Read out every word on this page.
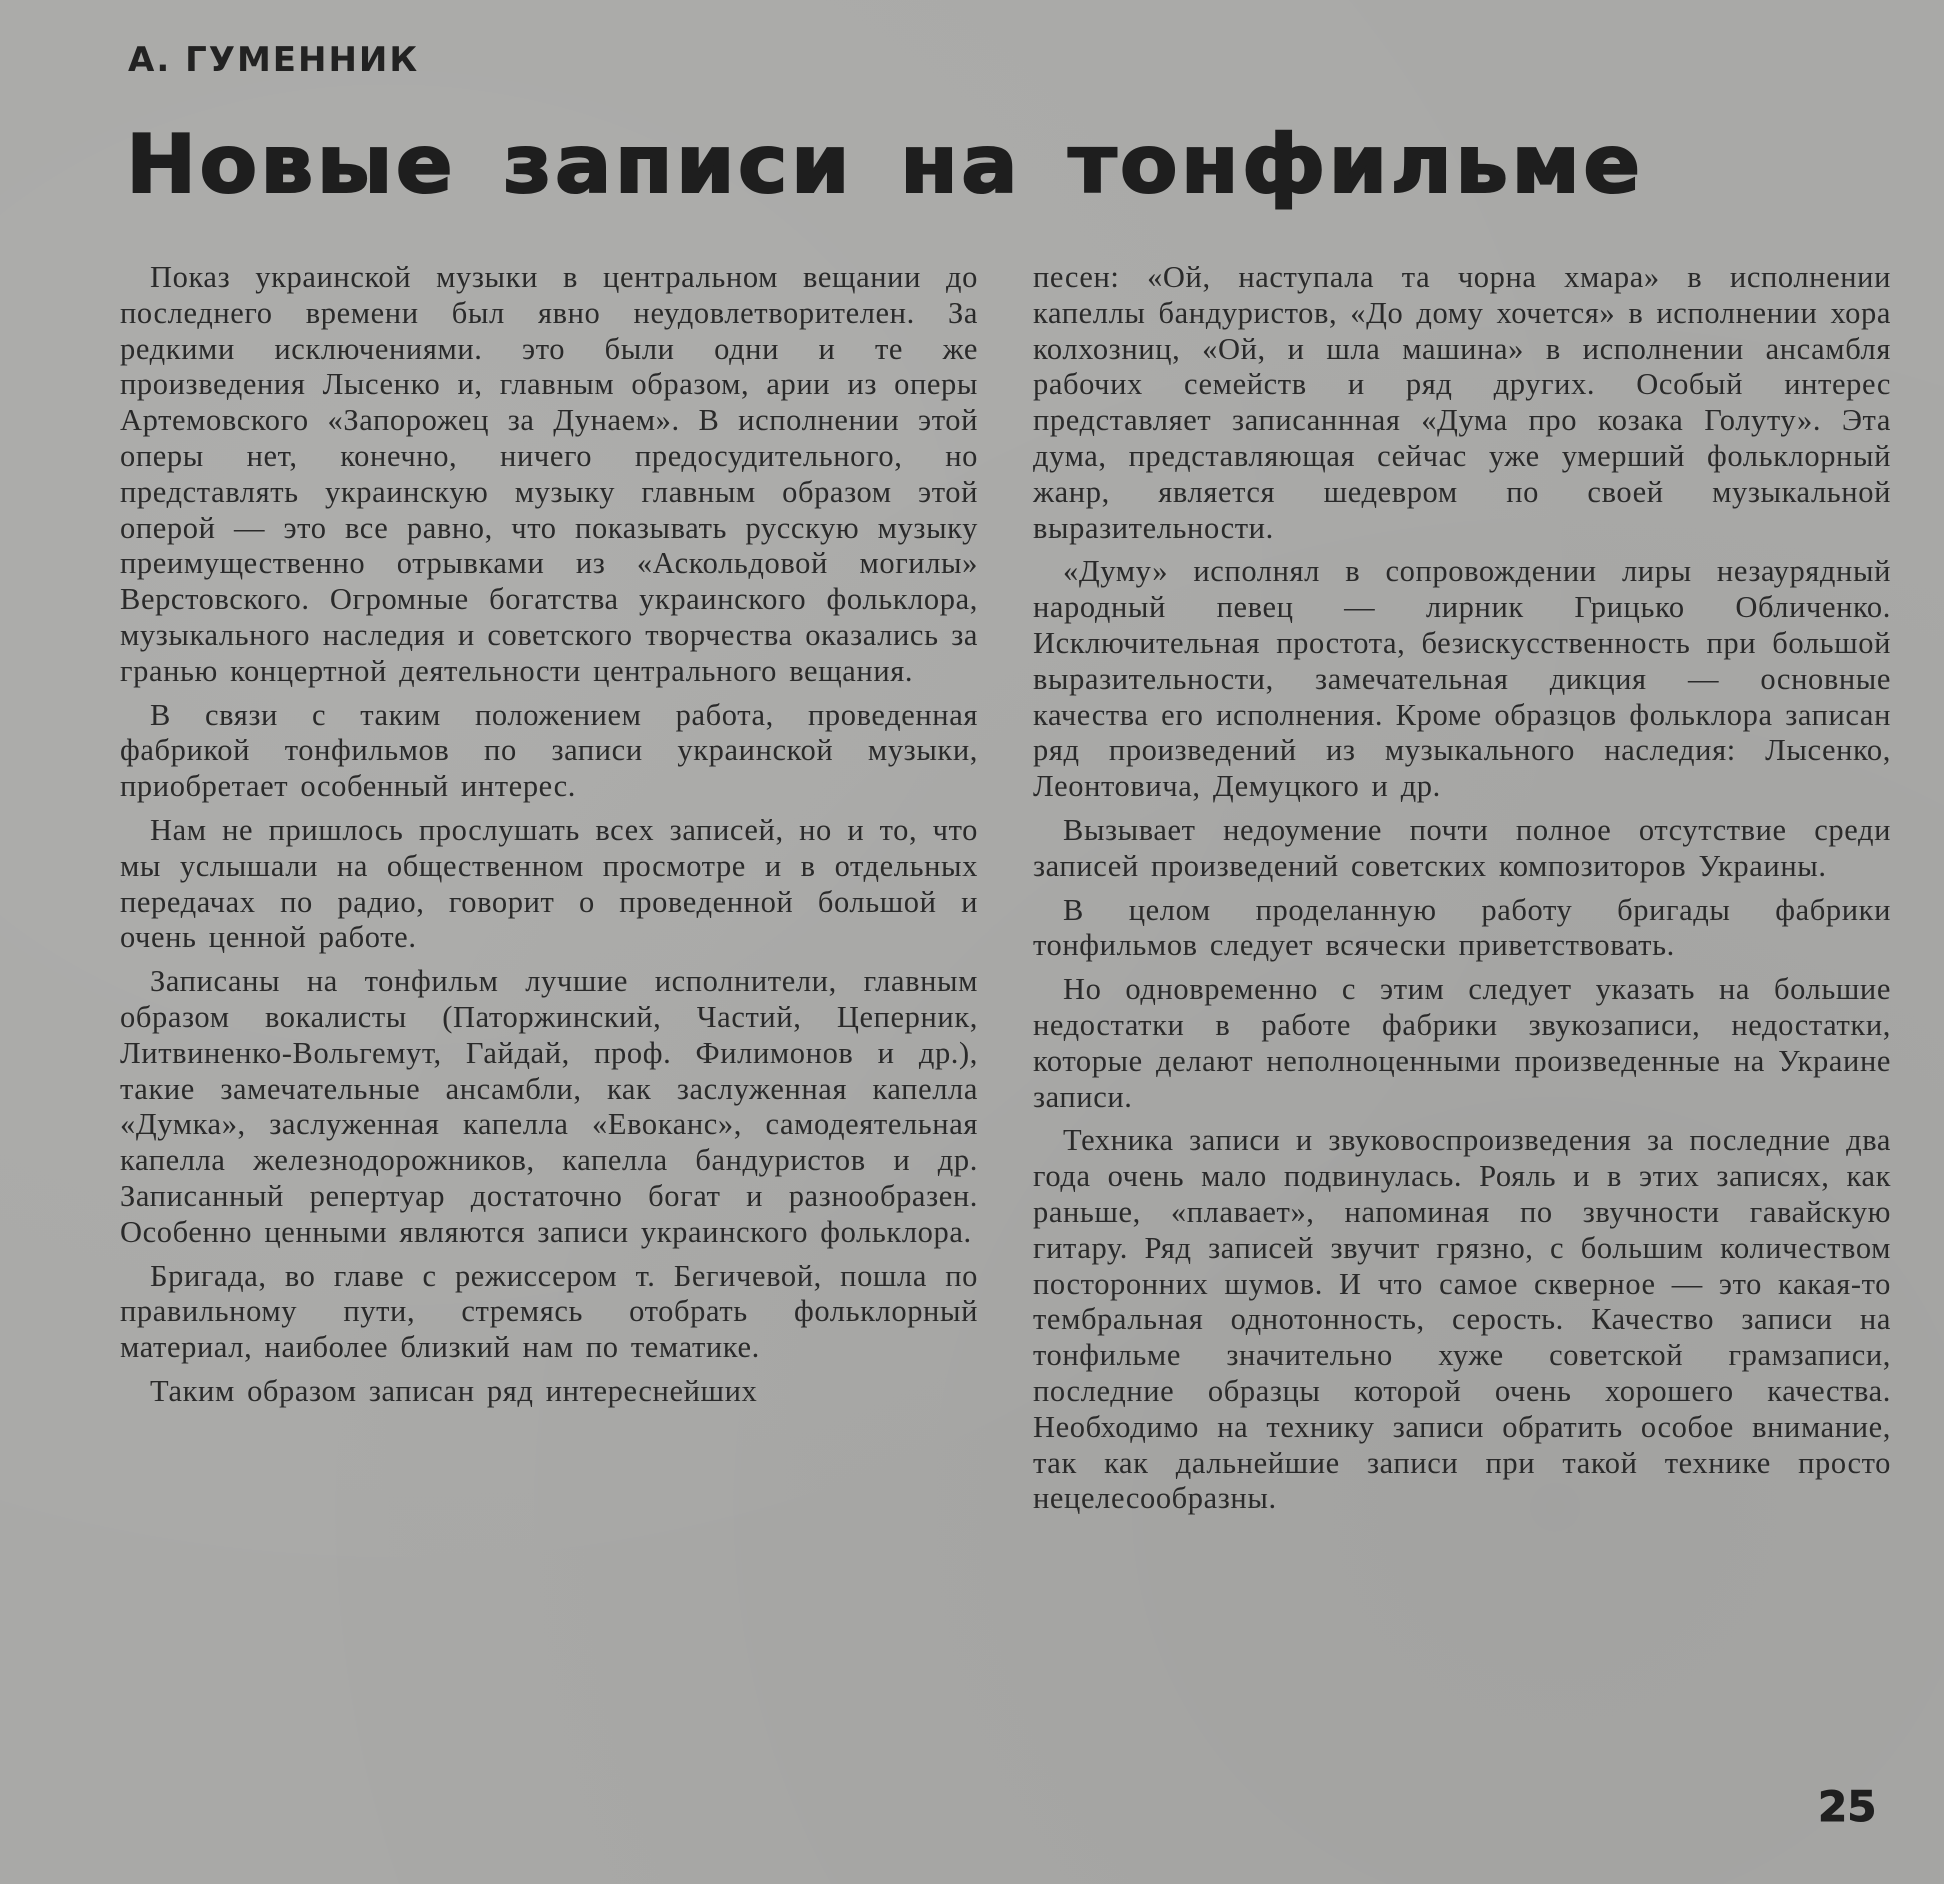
А. ГУМЕННИК
Новые записи на тонфильме

Показ украинской музыки в центральном вещании до последнего времени был явно неудовлетворителен. За редкими исключениями. это были одни и те же произведения Лысенко и, главным образом, арии из оперы Артемовского «Запорожец за Дунаем». В исполнении этой оперы нет, конечно, ничего предосудительного, но представлять украинскую музыку главным образом этой оперой — это все равно, что показывать русскую музыку преимущественно отрывками из «Аскольдовой могилы» Верстовского. Огромные богатства украинского фольклора, музыкального наследия и советского творчества оказались за гранью концертной деятельности центрального вещания.

В связи с таким положением работа, проведенная фабрикой тонфильмов по записи украинской музыки, приобретает особенный интерес.

Нам не пришлось прослушать всех записей, но и то, что мы услышали на общественном просмотре и в отдельных передачах по радио, говорит о проведенной большой и очень ценной работе.

Записаны на тонфильм лучшие исполнители, главным образом вокалисты (Паторжинский, Частий, Цеперник, Литвиненко-Вольгемут, Гайдай, проф. Филимонов и др.), такие замечательные ансамбли, как заслуженная капелла «Думка», заслуженная капелла «Евоканс», самодеятельная капелла железнодорожников, капелла бандуристов и др. Записанный репертуар достаточно богат и разнообразен. Особенно ценными являются записи украинского фольклора.

Бригада, во главе с режиссером т. Бегичевой, пошла по правильному пути, стремясь отобрать фольклорный материал, наиболее близкий нам по тематике.

Таким образом записан ряд интереснейших

песен: «Ой, наступала та чорна хмара» в исполнении капеллы бандуристов, «До дому хочется» в исполнении хора колхозниц, «Ой, и шла машина» в исполнении ансамбля рабочих семейств и ряд других. Особый интерес представляет записаннная «Дума про козака Голуту». Эта дума, представляющая сейчас уже умерший фольклорный жанр, является шедевром по своей музыкальной выразительности.

«Думу» исполнял в сопровождении лиры незаурядный народный певец — лирник Грицько Обличенко. Исключительная простота, безискусственность при большой выразительности, замечательная дикция — основные качества его исполнения. Кроме образцов фольклора записан ряд произведений из музыкального наследия: Лысенко, Леонтовича, Демуцкого и др.

Вызывает недоумение почти полное отсутствие среди записей произведений советских композиторов Украины.

В целом проделанную работу бригады фабрики тонфильмов следует всячески приветствовать.

Но одновременно с этим следует указать на большие недостатки в работе фабрики звукозаписи, недостатки, которые делают неполноценными произведенные на Украине записи.

Техника записи и звуковоспроизведения за последние два года очень мало подвинулась. Рояль и в этих записях, как раньше, «плавает», напоминая по звучности гавайскую гитару. Ряд записей звучит грязно, с большим количеством посторонних шумов. И что самое скверное — это какая-то тембральная однотонность, серость. Качество записи на тонфильме значительно хуже советской грамзаписи, последние образцы которой очень хорошего качества. Необходимо на технику записи обратить особое внимание, так как дальнейшие записи при такой технике просто нецелесообразны.

25
